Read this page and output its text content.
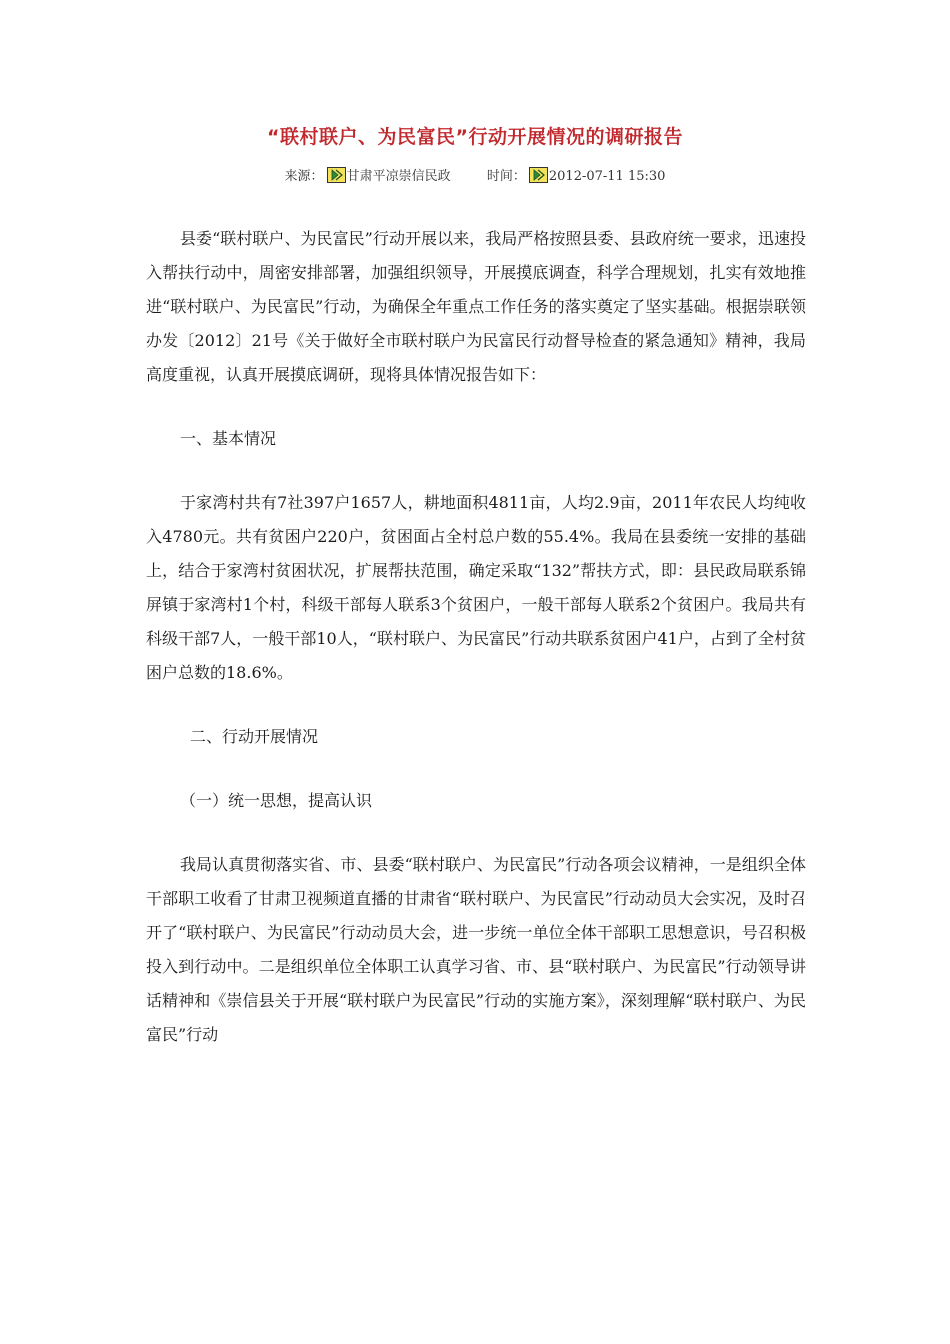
“联村联户、为民富民”行动开展情况的调研报告
来源： 甘肃平凉崇信民政	时间： 2012-07-11 15:30

县委“联村联户、为民富民”行动开展以来，我局严格按照县委、县政府统一要求，迅速投入帮扶行动中，周密安排部署，加强组织领导，开展摸底调查，科学合理规划，扎实有效地推进“联村联户、为民富民”行动，为确保全年重点工作任务的落实奠定了坚实基础。根据崇联领办发〔2012〕21号《关于做好全市联村联户为民富民行动督导检查的紧急通知》精神，我局高度重视，认真开展摸底调研，现将具体情况报告如下：

一、基本情况

于家湾村共有7社397户1657人，耕地面积4811亩，人均2.9亩，2011年农民人均纯收入4780元。共有贫困户220户，贫困面占全村总户数的55.4%。我局在县委统一安排的基础上，结合于家湾村贫困状况，扩展帮扶范围，确定采取“132”帮扶方式，即：县民政局联系锦屏镇于家湾村1个村，科级干部每人联系3个贫困户，一般干部每人联系2个贫困户。我局共有科级干部7人，一般干部10人，“联村联户、为民富民”行动共联系贫困户41户，占到了全村贫困户总数的18.6%。

二、行动开展情况

（一）统一思想，提高认识

我局认真贯彻落实省、市、县委“联村联户、为民富民”行动各项会议精神，一是组织全体干部职工收看了甘肃卫视频道直播的甘肃省“联村联户、为民富民”行动动员大会实况，及时召开了“联村联户、为民富民”行动动员大会，进一步统一单位全体干部职工思想意识，号召积极投入到行动中。二是组织单位全体职工认真学习省、市、县“联村联户、为民富民”行动领导讲话精神和《崇信县关于开展“联村联户为民富民”行动的实施方案》，深刻理解“联村联户、为民富民”行动
